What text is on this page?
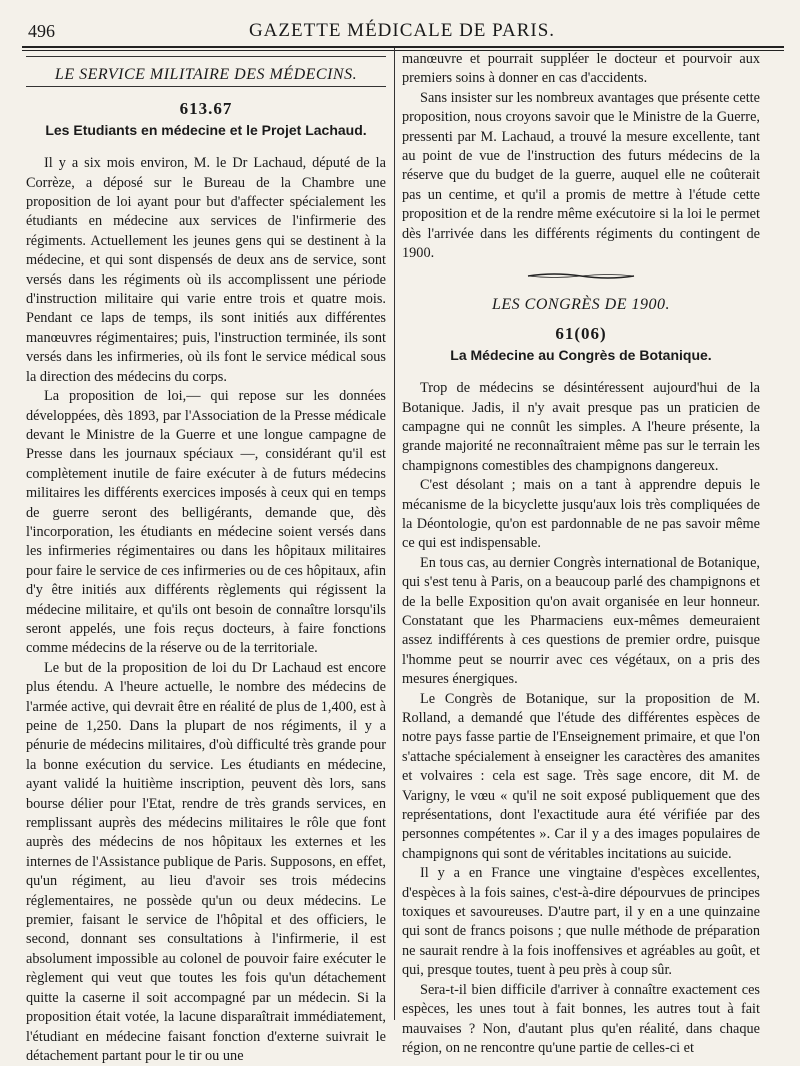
496	GAZETTE MÉDICALE DE PARIS.
LE SERVICE MILITAIRE DES MÉDECINS.
613.67
Les Etudiants en médecine et le Projet Lachaud.

Il y a six mois environ, M. le Dr Lachaud, député de la Corrèze, a déposé sur le Bureau de la Chambre une proposition de loi ayant pour but d'affecter spécialement les étudiants en médecine aux services de l'infirmerie des régiments. Actuellement les jeunes gens qui se destinent à la médecine, et qui sont dispensés de deux ans de service, sont versés dans les régiments où ils accomplissent une période d'instruction militaire qui varie entre trois et quatre mois. Pendant ce laps de temps, ils sont initiés aux différentes manœuvres régimentaires; puis, l'instruction terminée, ils sont versés dans les infirmeries, où ils font le service médical sous la direction des médecins du corps.

La proposition de loi,— qui repose sur les données développées, dès 1893, par l'Association de la Presse médicale devant le Ministre de la Guerre et une longue campagne de Presse dans les journaux spéciaux —, considérant qu'il est complètement inutile de faire exécuter à de futurs médecins militaires les différents exercices imposés à ceux qui en temps de guerre seront des belligérants, demande que, dès l'incorporation, les étudiants en médecine soient versés dans les infirmeries régimentaires ou dans les hôpitaux militaires pour faire le service de ces infirmeries ou de ces hôpitaux, afin d'y être initiés aux différents règlements qui régissent la médecine militaire, et qu'ils ont besoin de connaître lorsqu'ils seront appelés, une fois reçus docteurs, à faire fonctions comme médecins de la réserve ou de la territoriale.

Le but de la proposition de loi du Dr Lachaud est encore plus étendu. A l'heure actuelle, le nombre des médecins de l'armée active, qui devrait être en réalité de plus de 1,400, est à peine de 1,250. Dans la plupart de nos régiments, il y a pénurie de médecins militaires, d'où difficulté très grande pour la bonne exécution du service. Les étudiants en médecine, ayant validé la huitième inscription, peuvent dès lors, sans bourse délier pour l'Etat, rendre de très grands services, en remplissant auprès des médecins militaires le rôle que font auprès des médecins de nos hôpitaux les externes et les internes de l'Assistance publique de Paris. Supposons, en effet, qu'un régiment, au lieu d'avoir ses trois médecins réglementaires, ne possède qu'un ou deux médecins. Le premier, faisant le service de l'hôpital et des officiers, le second, donnant ses consultations à l'infirmerie, il est absolument impossible au colonel de pouvoir faire exécuter le règlement qui veut que toutes les fois qu'un détachement quitte la caserne il soit accompagné par un médecin. Si la proposition était votée, la lacune disparaîtrait immédiatement, l'étudiant en médecine faisant fonction d'externe suivrait le détachement partant pour le tir ou une

manœuvre et pourrait suppléer le docteur et pourvoir aux premiers soins à donner en cas d'accidents.

Sans insister sur les nombreux avantages que présente cette proposition, nous croyons savoir que le Ministre de la Guerre, pressenti par M. Lachaud, a trouvé la mesure excellente, tant au point de vue de l'instruction des futurs médecins de la réserve que du budget de la guerre, auquel elle ne coûterait pas un centime, et qu'il a promis de mettre à l'étude cette proposition et de la rendre même exécutoire si la loi le permet dès l'arrivée dans les différents régiments du contingent de 1900.

LES CONGRÈS DE 1900.
61(06)
La Médecine au Congrès de Botanique.

Trop de médecins se désintéressent aujourd'hui de la Botanique. Jadis, il n'y avait presque pas un praticien de campagne qui ne connût les simples. A l'heure présente, la grande majorité ne reconnaîtraient même pas sur le terrain les champignons comestibles des champignons dangereux.

C'est désolant ; mais on a tant à apprendre depuis le mécanisme de la bicyclette jusqu'aux lois très compliquées de la Déontologie, qu'on est pardonnable de ne pas savoir même ce qui est indispensable.

En tous cas, au dernier Congrès international de Botanique, qui s'est tenu à Paris, on a beaucoup parlé des champignons et de la belle Exposition qu'on avait organisée en leur honneur. Constatant que les Pharmaciens eux-mêmes demeuraient assez indifférents à ces questions de premier ordre, puisque l'homme peut se nourrir avec ces végétaux, on a pris des mesures énergiques.

Le Congrès de Botanique, sur la proposition de M. Rolland, a demandé que l'étude des différentes espèces de notre pays fasse partie de l'Enseignement primaire, et que l'on s'attache spécialement à enseigner les caractères des amanites et volvaires : cela est sage. Très sage encore, dit M. de Varigny, le vœu « qu'il ne soit exposé publiquement que des représentations, dont l'exactitude aura été vérifiée par des personnes compétentes ». Car il y a des images populaires de champignons qui sont de véritables incitations au suicide.

Il y a en France une vingtaine d'espèces excellentes, d'espèces à la fois saines, c'est-à-dire dépourvues de principes toxiques et savoureuses. D'autre part, il y en a une quinzaine qui sont de francs poisons ; que nulle méthode de préparation ne saurait rendre à la fois inoffensives et agréables au goût, et qui, presque toutes, tuent à peu près à coup sûr.

Sera-t-il bien difficile d'arriver à connaître exactement ces espèces, les unes tout à fait bonnes, les autres tout à fait mauvaises ? Non, d'autant plus qu'en réalité, dans chaque région, on ne rencontre qu'une partie de celles-ci et
